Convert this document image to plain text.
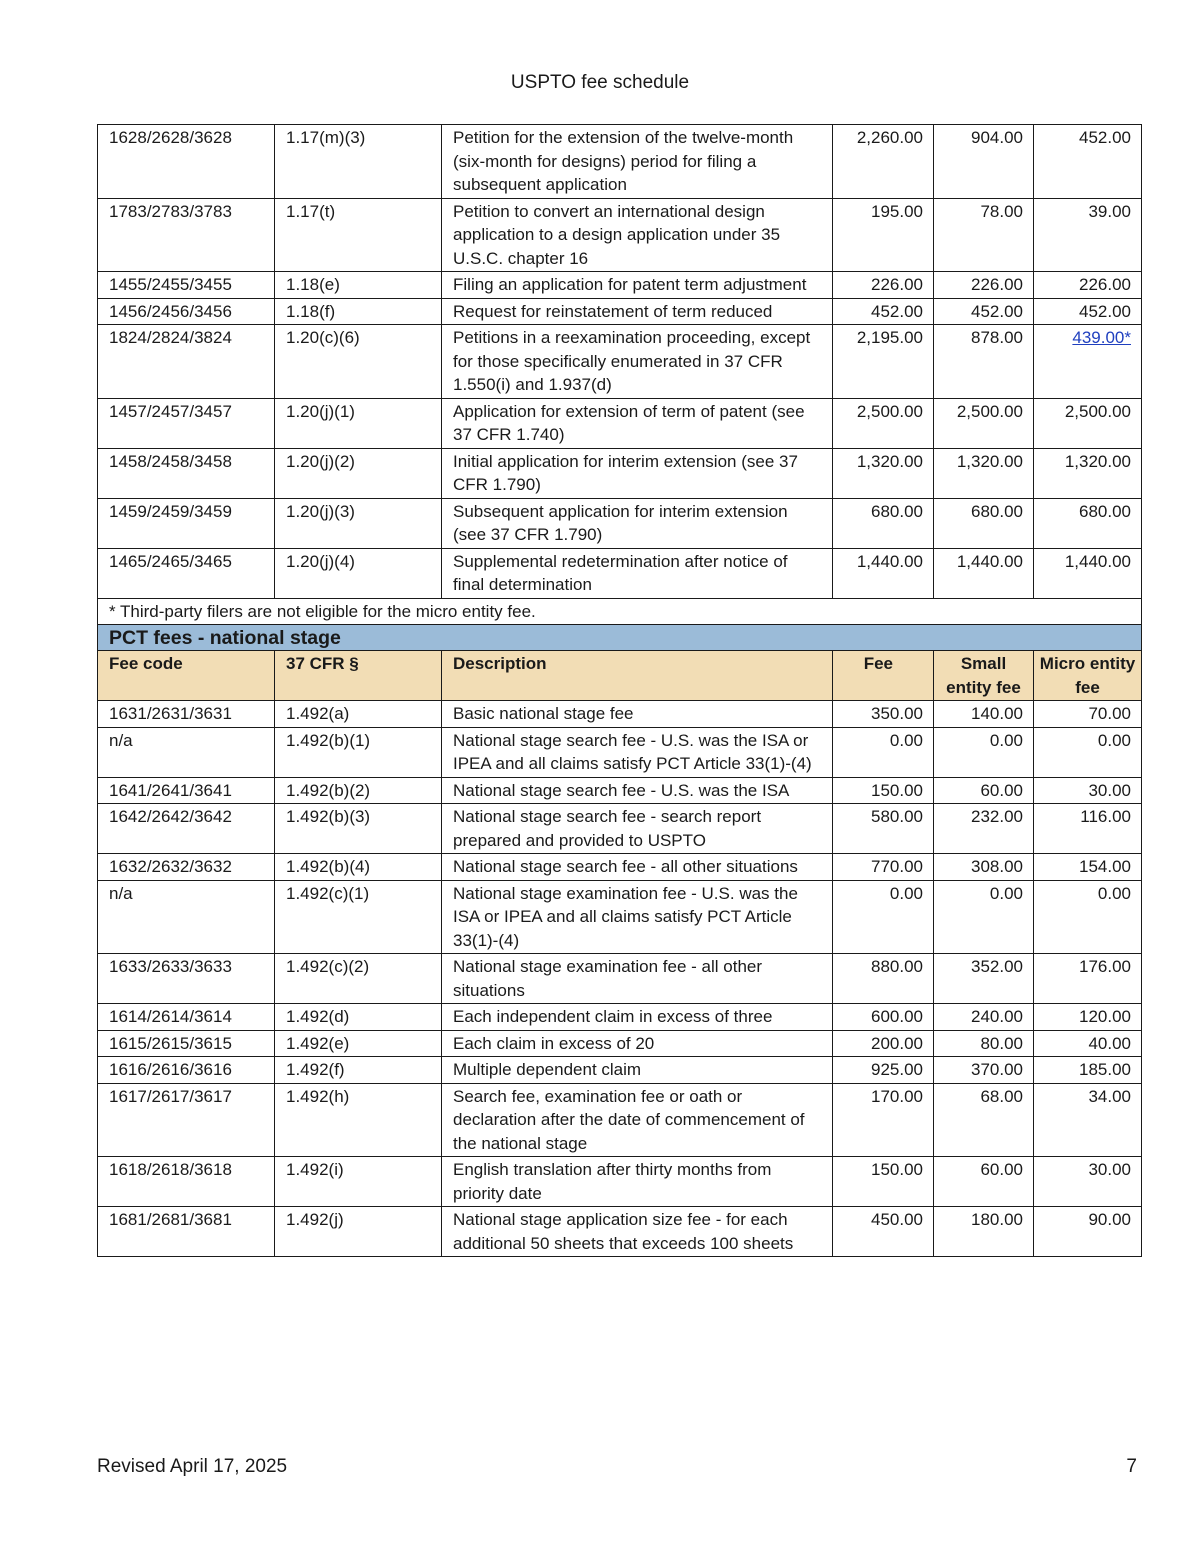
USPTO fee schedule
1628/2628/3628	1.17(m)(3)	Petition for the extension of the twelve-month (six-month for designs) period for filing a subsequent application	2,260.00	904.00	452.00
1783/2783/3783	1.17(t)	Petition to convert an international design application to a design application under 35 U.S.C. chapter 16	195.00	78.00	39.00
1455/2455/3455	1.18(e)	Filing an application for patent term adjustment	226.00	226.00	226.00
1456/2456/3456	1.18(f)	Request for reinstatement of term reduced	452.00	452.00	452.00
1824/2824/3824	1.20(c)(6)	Petitions in a reexamination proceeding, except for those specifically enumerated in 37 CFR 1.550(i) and 1.937(d)	2,195.00	878.00	439.00*
1457/2457/3457	1.20(j)(1)	Application for extension of term of patent (see 37 CFR 1.740)	2,500.00	2,500.00	2,500.00
1458/2458/3458	1.20(j)(2)	Initial application for interim extension (see 37 CFR 1.790)	1,320.00	1,320.00	1,320.00
1459/2459/3459	1.20(j)(3)	Subsequent application for interim extension (see 37 CFR 1.790)	680.00	680.00	680.00
1465/2465/3465	1.20(j)(4)	Supplemental redetermination after notice of final determination	1,440.00	1,440.00	1,440.00
* Third-party filers are not eligible for the micro entity fee.					
PCT fees - national stage					
Fee code	37 CFR §	Description	Fee	Small entity fee	Micro entity fee
1631/2631/3631	1.492(a)	Basic national stage fee	350.00	140.00	70.00
n/a	1.492(b)(1)	National stage search fee - U.S. was the ISA or IPEA and all claims satisfy PCT Article 33(1)-(4)	0.00	0.00	0.00
1641/2641/3641	1.492(b)(2)	National stage search fee - U.S. was the ISA	150.00	60.00	30.00
1642/2642/3642	1.492(b)(3)	National stage search fee - search report prepared and provided to USPTO	580.00	232.00	116.00
1632/2632/3632	1.492(b)(4)	National stage search fee - all other situations	770.00	308.00	154.00
n/a	1.492(c)(1)	National stage examination fee - U.S. was the ISA or IPEA and all claims satisfy PCT Article 33(1)-(4)	0.00	0.00	0.00
1633/2633/3633	1.492(c)(2)	National stage examination fee - all other situations	880.00	352.00	176.00
1614/2614/3614	1.492(d)	Each independent claim in excess of three	600.00	240.00	120.00
1615/2615/3615	1.492(e)	Each claim in excess of 20	200.00	80.00	40.00
1616/2616/3616	1.492(f)	Multiple dependent claim	925.00	370.00	185.00
1617/2617/3617	1.492(h)	Search fee, examination fee or oath or declaration after the date of commencement of the national stage	170.00	68.00	34.00
1618/2618/3618	1.492(i)	English translation after thirty months from priority date	150.00	60.00	30.00
1681/2681/3681	1.492(j)	National stage application size fee - for each additional 50 sheets that exceeds 100 sheets	450.00	180.00	90.00
Revised April 17, 2025	7
